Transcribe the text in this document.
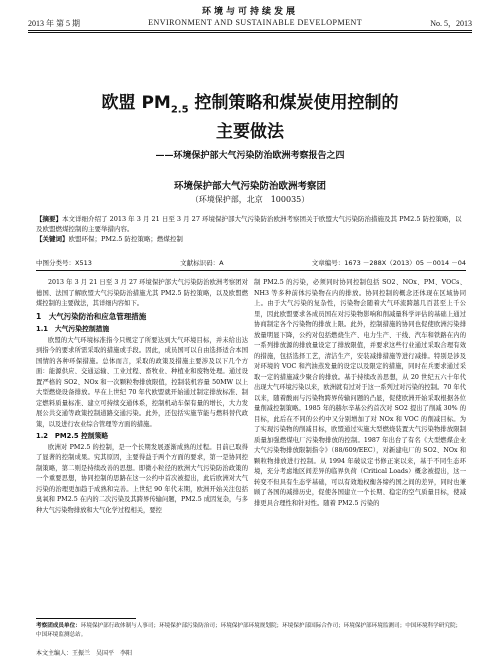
环境与可持续发展
2013 年 第 5 期	ENVIRONMENT AND SUSTAINABLE DEVELOPMENT	No. 5，2013
欧盟 $PM_{2.5}$ 控制策略和煤炭使用控制的
主要做法
——环境保护部大气污染防治欧洲考察报告之四
环境保护部大气污染防治欧洲考察团
（环境保护部，北京　100035）
【摘要】本文详细介绍了 2013 年 3 月 21 日至 3 月 27 环境保护部大气污染防治欧洲考察团关于欧盟大气污染防治措施及其 PM2.5 防控策略，以及欧盟燃煤控制的主要举措内容。
【关键词】欧盟环保；PM2.5 防控策略；燃煤控制
中图分类号：X513	文献标识码：A	文章编号：1673 －288X（2013）05 －0014 －04

2013 年 3 月 21 日至 3 月 27 环境保护部大气污染防治欧洲考察团对德国、法国了解欧盟大气污染防治措施尤其 PM2.5 防控策略，以及欧盟燃煤控制的主要做法，其详细内容如下。

1　大气污染防治和应急管理措施
1.1　大气污染控制措施

欧盟的大气环境标准指今只规定了所要达到大气环境目标，并未给出达到指今的要求所需采取的措施或手段。因此，成员国可以自由选择适合本国国情的各种环保措施。总体而言，采取的政策及措施主要涉及以下几个方面：能源供应、交通运输、工业过程、畜牧业、种植业和废物处理。通过设置严格的 SO2、NOx 和一次颗粒物排放限值，控制装机容量 50MW 以上大型燃烧设备排放。早在上世纪 70 年代欧盟就开始通过制定排放标准、制定燃料质量标准、建立可持续交通体系，控制机动车保有量的增长，大力发展公共交通等政策控制道路交通污染。此外，还包括实施节能与燃料替代政策，以及进行农业综合管理等方面的措施。

1.2　PM2.5 控制策略

欧洲对 PM2.5 的控制，是一个长期发展逐渐成熟的过程。目前已取得了显著的控制成果。究其原因，主要得益于两个方面的要求，第一是协同控制策略，第二则是持续改善的思想。即微小粒径的欧洲大气污染防治政策的一个重要思想，协同控制的思路在这一公约中首次被提出，此后欧洲对大气污染的治理更加趋于成熟和完善。上世纪 90 年代末期，欧洲开始关注包括臭氧和 PM2.5 在内的二次污染及其跨界传输问题，PM2.5 成因复杂，与多种大气污染物排放和大气化学过程相关，要控

制 PM2.5 的污染，必须同时协同控制包括 SO2、NOx、PM、VOCs、NH3 等多种前体污染物在内的排放。协同控制的概念还体现在区域协同上。由于大气污染的复杂性，污染物会随着大气环流跨越几百甚至上千公里，因此欧盟要求各成员国在对污染物影响和削减量科学评估的基础上通过协商制定各个污染物的排放上限。此外，控制措施的协同也促使欧洲污染排放量明显下降，公约对包括燃烧生产、电力生产、干线、汽车和铁路在内的一系列排放源的排放量设定了排放限值，并要求这些行业通过采取合理有效的措施，包括选择工艺，清洁生产，安装减排措施等进行减排。特别是涉及对环境的 VOC 和汽油蒸发量的设定以及限定的措施，同时在兵要求通过采取一定的措施减少聚合的排放。基于持续改善思想，从 20 世纪五六十年代出现大气环境污染以来，欧洲就有过对于这一系列过对污染的控制。70 年代以来，随着酸雨与污染物跨界传输问题的凸显，促使欧洲开始采取根据各位量削减控制策略。1985 年的赫尔辛基公约首次对 SO2 提出了削减 30% 的目标，此后在不同的公约中又分别增加了对 NOx 和 VOC 的削减目标。为了实现污染物的削减目标，欧盟通过实施大型燃烧装置大气污染物排放限制质量加强燃煤电厂污染物排放的控制。1987 年出台了有名《大型燃煤企业大气污染物排放限制指令》（88/609/EEC），对新建电厂的 SO2、NOx 和颗粒物排放进行控制。从 1994 年破议定书修正案以来，基于不同生态环境，充分考虑地区间差异的临界负荷（Critical Loads）概念被提出，这一转变不但具有生态学基础，可以有效地权衡各缔约国之间的差异，同时也兼顾了各国的减排历史，促使各国建立一个长期、稳定的空气质量目标，使减排更具合理性和针对性。随着 PM2.5 污染的

考察团成员单位：环境保护部行政体制与人事司；环境保护部污染防治司；环境保护部环境规划院；环境保护部国际合作司；环境保护部环境监测司；中国环境科学研究院；中国环境监测总站。
本文主编人：王振兰　吴国平　李阳
